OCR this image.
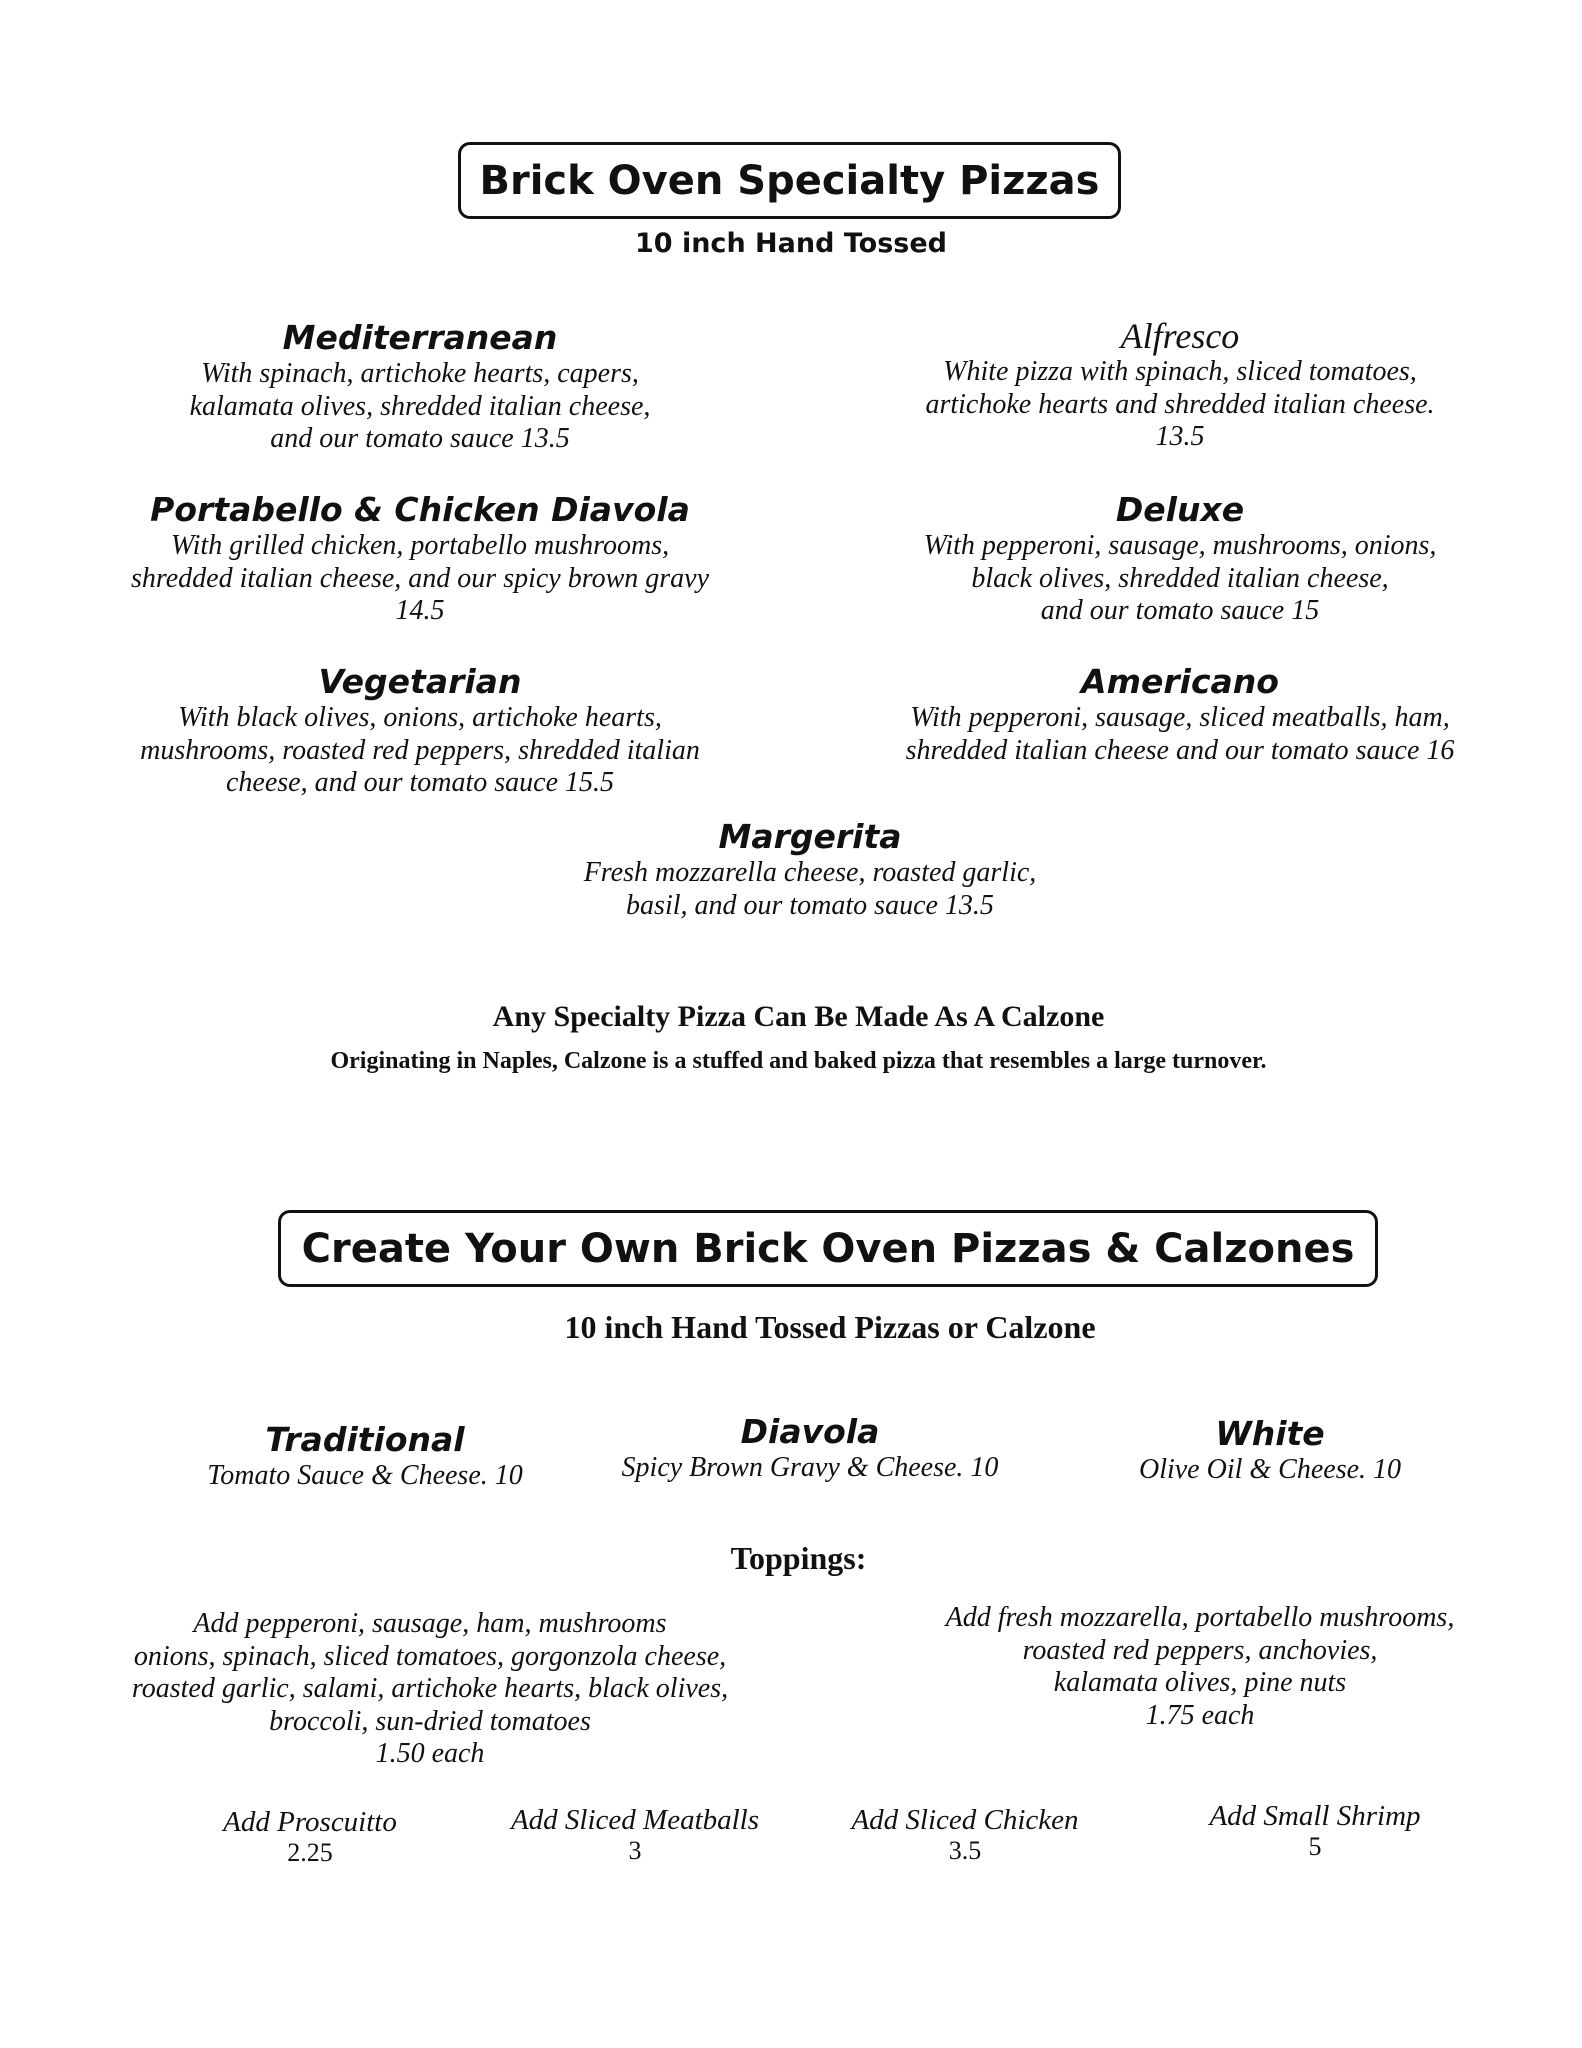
Brick Oven Specialty Pizzas
10 inch Hand Tossed
Mediterranean
With spinach, artichoke hearts, capers,
kalamata olives, shredded italian cheese,
and our tomato sauce 13.5
Alfresco
White pizza with spinach, sliced tomatoes,
artichoke hearts and shredded italian cheese.
13.5
Portabello & Chicken Diavola
With grilled chicken, portabello mushrooms,
shredded italian cheese, and our spicy brown gravy
14.5
Deluxe
With pepperoni, sausage, mushrooms, onions,
black olives, shredded italian cheese,
and our tomato sauce 15
Vegetarian
With black olives, onions, artichoke hearts,
mushrooms, roasted red peppers, shredded italian
cheese, and our tomato sauce 15.5
Americano
With pepperoni, sausage, sliced meatballs, ham,
shredded italian cheese and our tomato sauce 16
Margerita
Fresh mozzarella cheese, roasted garlic,
basil, and our tomato sauce 13.5
Any Specialty Pizza Can Be Made As A Calzone
Originating in Naples, Calzone is a stuffed and baked pizza that resembles a large turnover.
Create Your Own Brick Oven Pizzas & Calzones
10 inch Hand Tossed Pizzas or Calzone
Traditional
Tomato Sauce & Cheese. 10
Diavola
Spicy Brown Gravy & Cheese. 10
White
Olive Oil & Cheese. 10
Toppings:
Add pepperoni, sausage, ham, mushrooms
onions, spinach, sliced tomatoes, gorgonzola cheese,
roasted garlic, salami, artichoke hearts, black olives,
broccoli, sun-dried tomatoes
1.50 each
Add fresh mozzarella, portabello mushrooms,
roasted red peppers, anchovies,
kalamata olives, pine nuts
1.75 each
Add Proscuitto
2.25
Add Sliced Meatballs
3
Add Sliced Chicken
3.5
Add Small Shrimp
5
